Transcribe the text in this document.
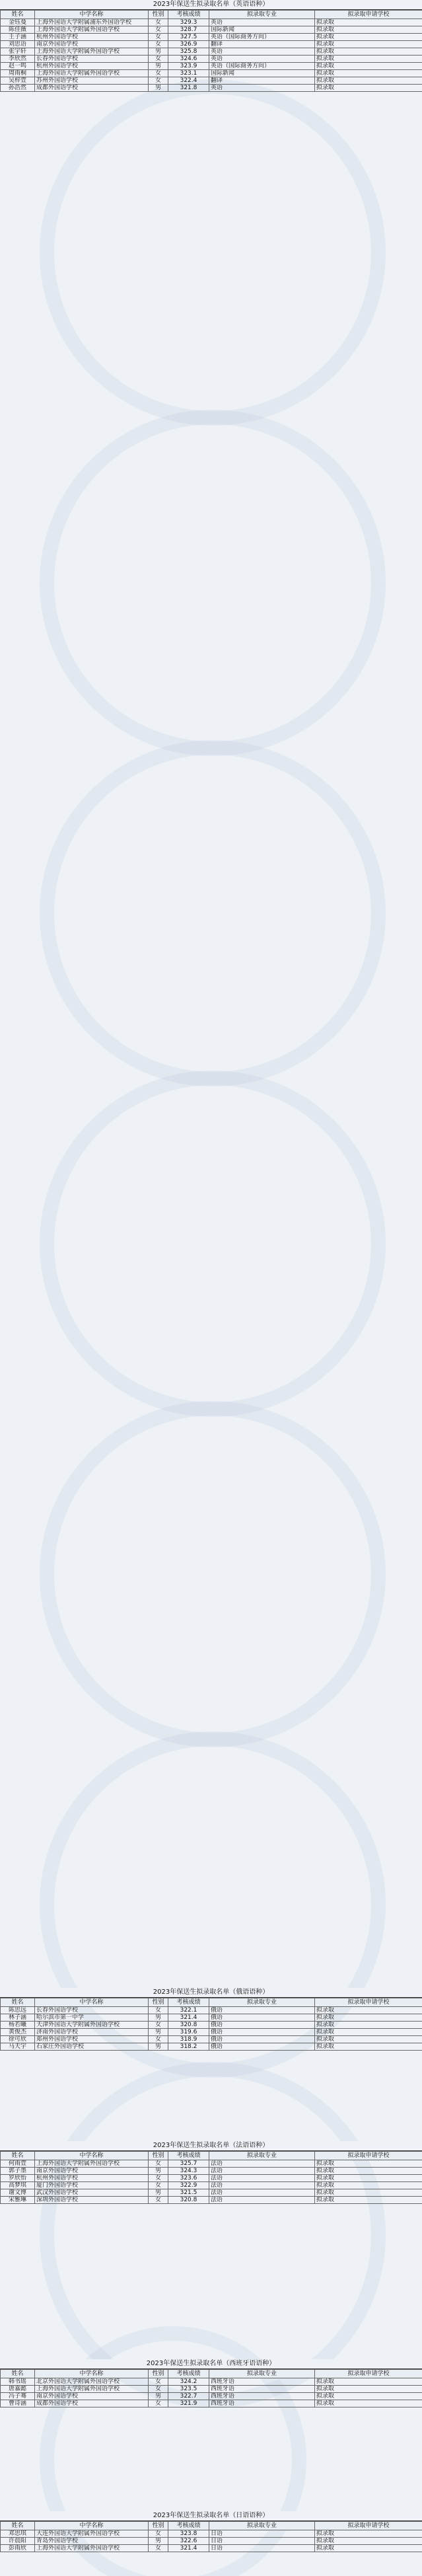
2023年保送生拟录取名单（英语语种）
姓名	中学名称	性别	考核成绩	拟录取专业	拟录取申请学校
金钰曼	上海外国语大学附属浦东外国语学校	女	329.3	英语	拟录取
陈佳薇	上海外国语大学附属外国语学校	女	328.7	国际新闻	拟录取
王子涵	杭州外国语学校	女	327.5	英语（国际商务方向）	拟录取
刘思语	南京外国语学校	女	326.9	翻译	拟录取
张宇轩	上海外国语大学附属外国语学校	男	325.8	英语	拟录取
李欣然	长春外国语学校	女	324.6	英语	拟录取
赵一鸣	杭州外国语学校	男	323.9	英语（国际商务方向）	拟录取
周雨桐	上海外国语大学附属外国语学校	女	323.1	国际新闻	拟录取
吴梓萱	苏州外国语学校	女	322.4	翻译	拟录取
孙浩然	成都外国语学校	男	321.8	英语	拟录取
2023年保送生拟录取名单（俄语语种）
姓名	中学名称	性别	考核成绩	拟录取专业	拟录取申请学校
陈思远	长春外国语学校	女	322.1	俄语	拟录取
林子涵	哈尔滨市第一中学	男	321.4	俄语	拟录取
杨若曦	天津外国语大学附属外国语学校	女	320.8	俄语	拟录取
黄俊杰	济南外国语学校	男	319.6	俄语	拟录取
徐可欣	郑州外国语学校	女	318.9	俄语	拟录取
马天宇	石家庄外国语学校	男	318.2	俄语	拟录取
2023年保送生拟录取名单（法语语种）
姓名	中学名称	性别	考核成绩	拟录取专业	拟录取申请学校
何雨萱	上海外国语大学附属外国语学校	女	325.7	法语	拟录取
郭子墨	南京外国语学校	男	324.3	法语	拟录取
罗欣怡	杭州外国语学校	女	323.6	法语	拟录取
高梦琪	厦门外国语学校	女	322.9	法语	拟录取
谢文博	武汉外国语学校	男	321.5	法语	拟录取
宋雅琳	深圳外国语学校	女	320.8	法语	拟录取
2023年保送生拟录取名单（西班牙语语种）
姓名	中学名称	性别	考核成绩	拟录取专业	拟录取申请学校
韩书瑶	北京外国语大学附属外国语学校	女	324.2	西班牙语	拟录取
唐嘉懿	上海外国语大学附属外国语学校	女	323.5	西班牙语	拟录取
冯子骞	南京外国语学校	男	322.7	西班牙语	拟录取
曹诗涵	成都外国语学校	女	321.9	西班牙语	拟录取
2023年保送生拟录取名单（日语语种）
姓名	中学名称	性别	考核成绩	拟录取专业	拟录取申请学校
邓思琪	大连外国语大学附属外国语学校	女	323.8	日语	拟录取
许晨阳	青岛外国语学校	男	322.6	日语	拟录取
彭雨欣	上海外国语大学附属外国语学校	女	321.4	日语	拟录取
